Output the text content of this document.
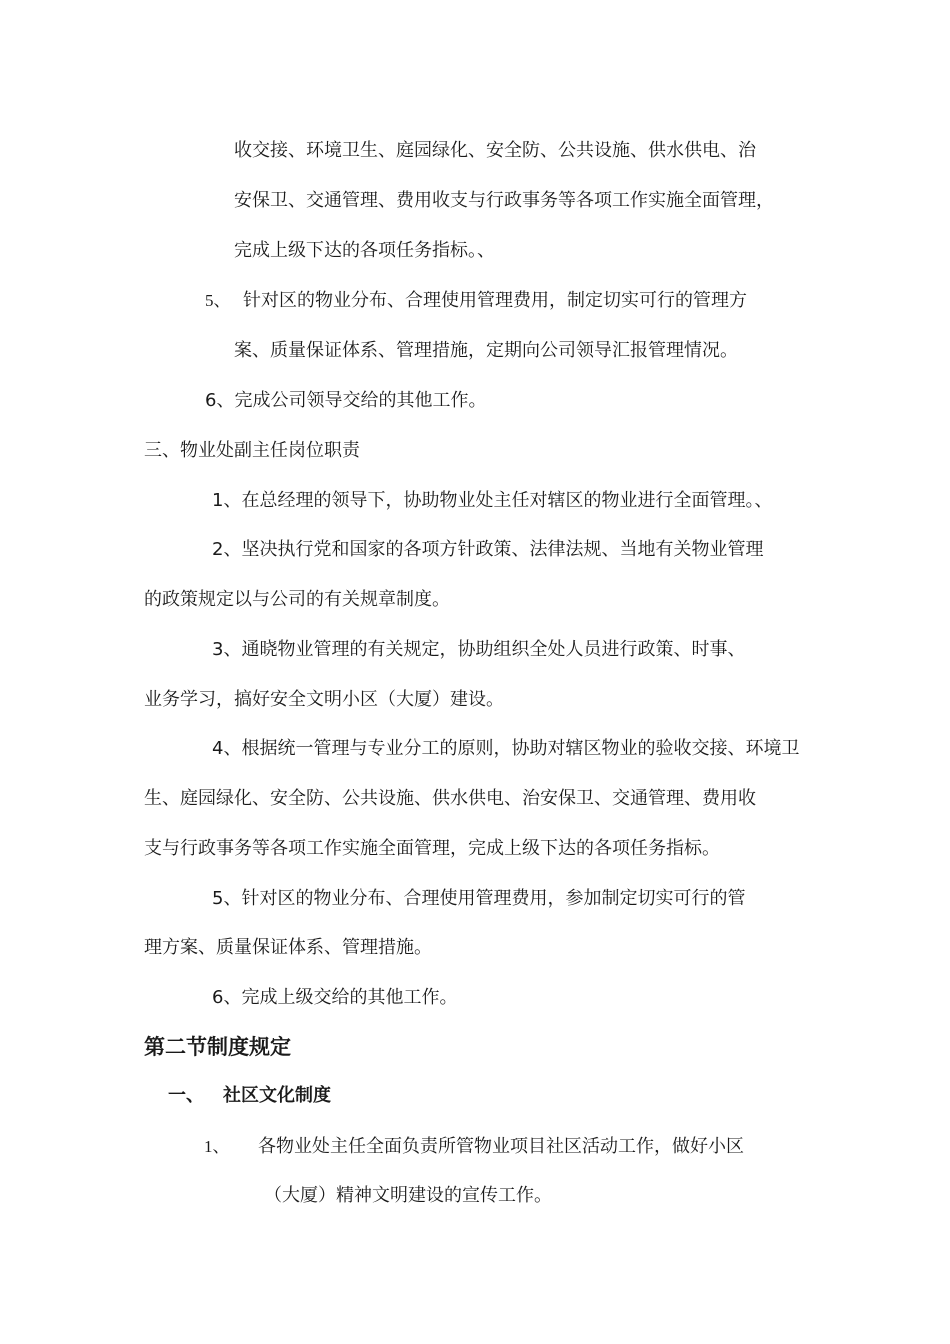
收交接、环境卫生、庭园绿化、安全防、公共设施、供水供电、治
安保卫、交通管理、费用收支与行政事务等各项工作实施全面管理，
完成上级下达的各项任务指标。、
5、 针对区的物业分布、合理使用管理费用，制定切实可行的管理方
案、质量保证体系、管理措施，定期向公司领导汇报管理情况。
6、完成公司领导交给的其他工作。
三、物业处副主任岗位职责
1、在总经理的领导下，协助物业处主任对辖区的物业进行全面管理。、
2、坚决执行党和国家的各项方针政策、法律法规、当地有关物业管理
的政策规定以与公司的有关规章制度。
3、通晓物业管理的有关规定，协助组织全处人员进行政策、时事、
业务学习，搞好安全文明小区（大厦）建设。
4、根据统一管理与专业分工的原则，协助对辖区物业的验收交接、环境卫
生、庭园绿化、安全防、公共设施、供水供电、治安保卫、交通管理、费用收
支与行政事务等各项工作实施全面管理，完成上级下达的各项任务指标。
5、针对区的物业分布、合理使用管理费用，参加制定切实可行的管
理方案、质量保证体系、管理措施。
6、完成上级交给的其他工作。
第二节制度规定
一、 社区文化制度
1、 各物业处主任全面负责所管物业项目社区活动工作，做好小区
（大厦）精神文明建设的宣传工作。
